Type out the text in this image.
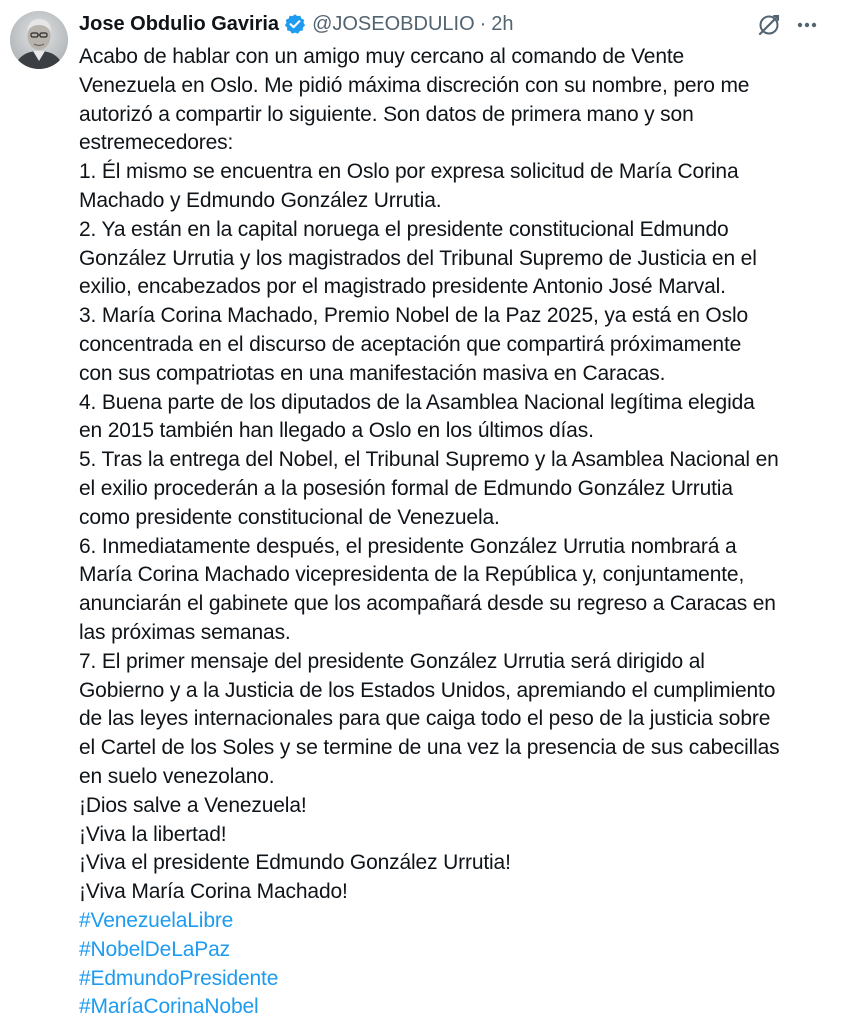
Jose Obdulio Gaviria @JOSEOBDULIO · 2h
Acabo de hablar con un amigo muy cercano al comando de Vente
Venezuela en Oslo. Me pidió máxima discreción con su nombre, pero me
autorizó a compartir lo siguiente. Son datos de primera mano y son
estremecedores:
1. Él mismo se encuentra en Oslo por expresa solicitud de María Corina
Machado y Edmundo González Urrutia.
2. Ya están en la capital noruega el presidente constitucional Edmundo
González Urrutia y los magistrados del Tribunal Supremo de Justicia en el
exilio, encabezados por el magistrado presidente Antonio José Marval.
3. María Corina Machado, Premio Nobel de la Paz 2025, ya está en Oslo
concentrada en el discurso de aceptación que compartirá próximamente
con sus compatriotas en una manifestación masiva en Caracas.
4. Buena parte de los diputados de la Asamblea Nacional legítima elegida
en 2015 también han llegado a Oslo en los últimos días.
5. Tras la entrega del Nobel, el Tribunal Supremo y la Asamblea Nacional en
el exilio procederán a la posesión formal de Edmundo González Urrutia
como presidente constitucional de Venezuela.
6. Inmediatamente después, el presidente González Urrutia nombrará a
María Corina Machado vicepresidenta de la República y, conjuntamente,
anunciarán el gabinete que los acompañará desde su regreso a Caracas en
las próximas semanas.
7. El primer mensaje del presidente González Urrutia será dirigido al
Gobierno y a la Justicia de los Estados Unidos, apremiando el cumplimiento
de las leyes internacionales para que caiga todo el peso de la justicia sobre
el Cartel de los Soles y se termine de una vez la presencia de sus cabecillas
en suelo venezolano.
¡Dios salve a Venezuela!
¡Viva la libertad!
¡Viva el presidente Edmundo González Urrutia!
¡Viva María Corina Machado!
#VenezuelaLibre
#NobelDeLaPaz
#EdmundoPresidente
#MaríaCorinaNobel
